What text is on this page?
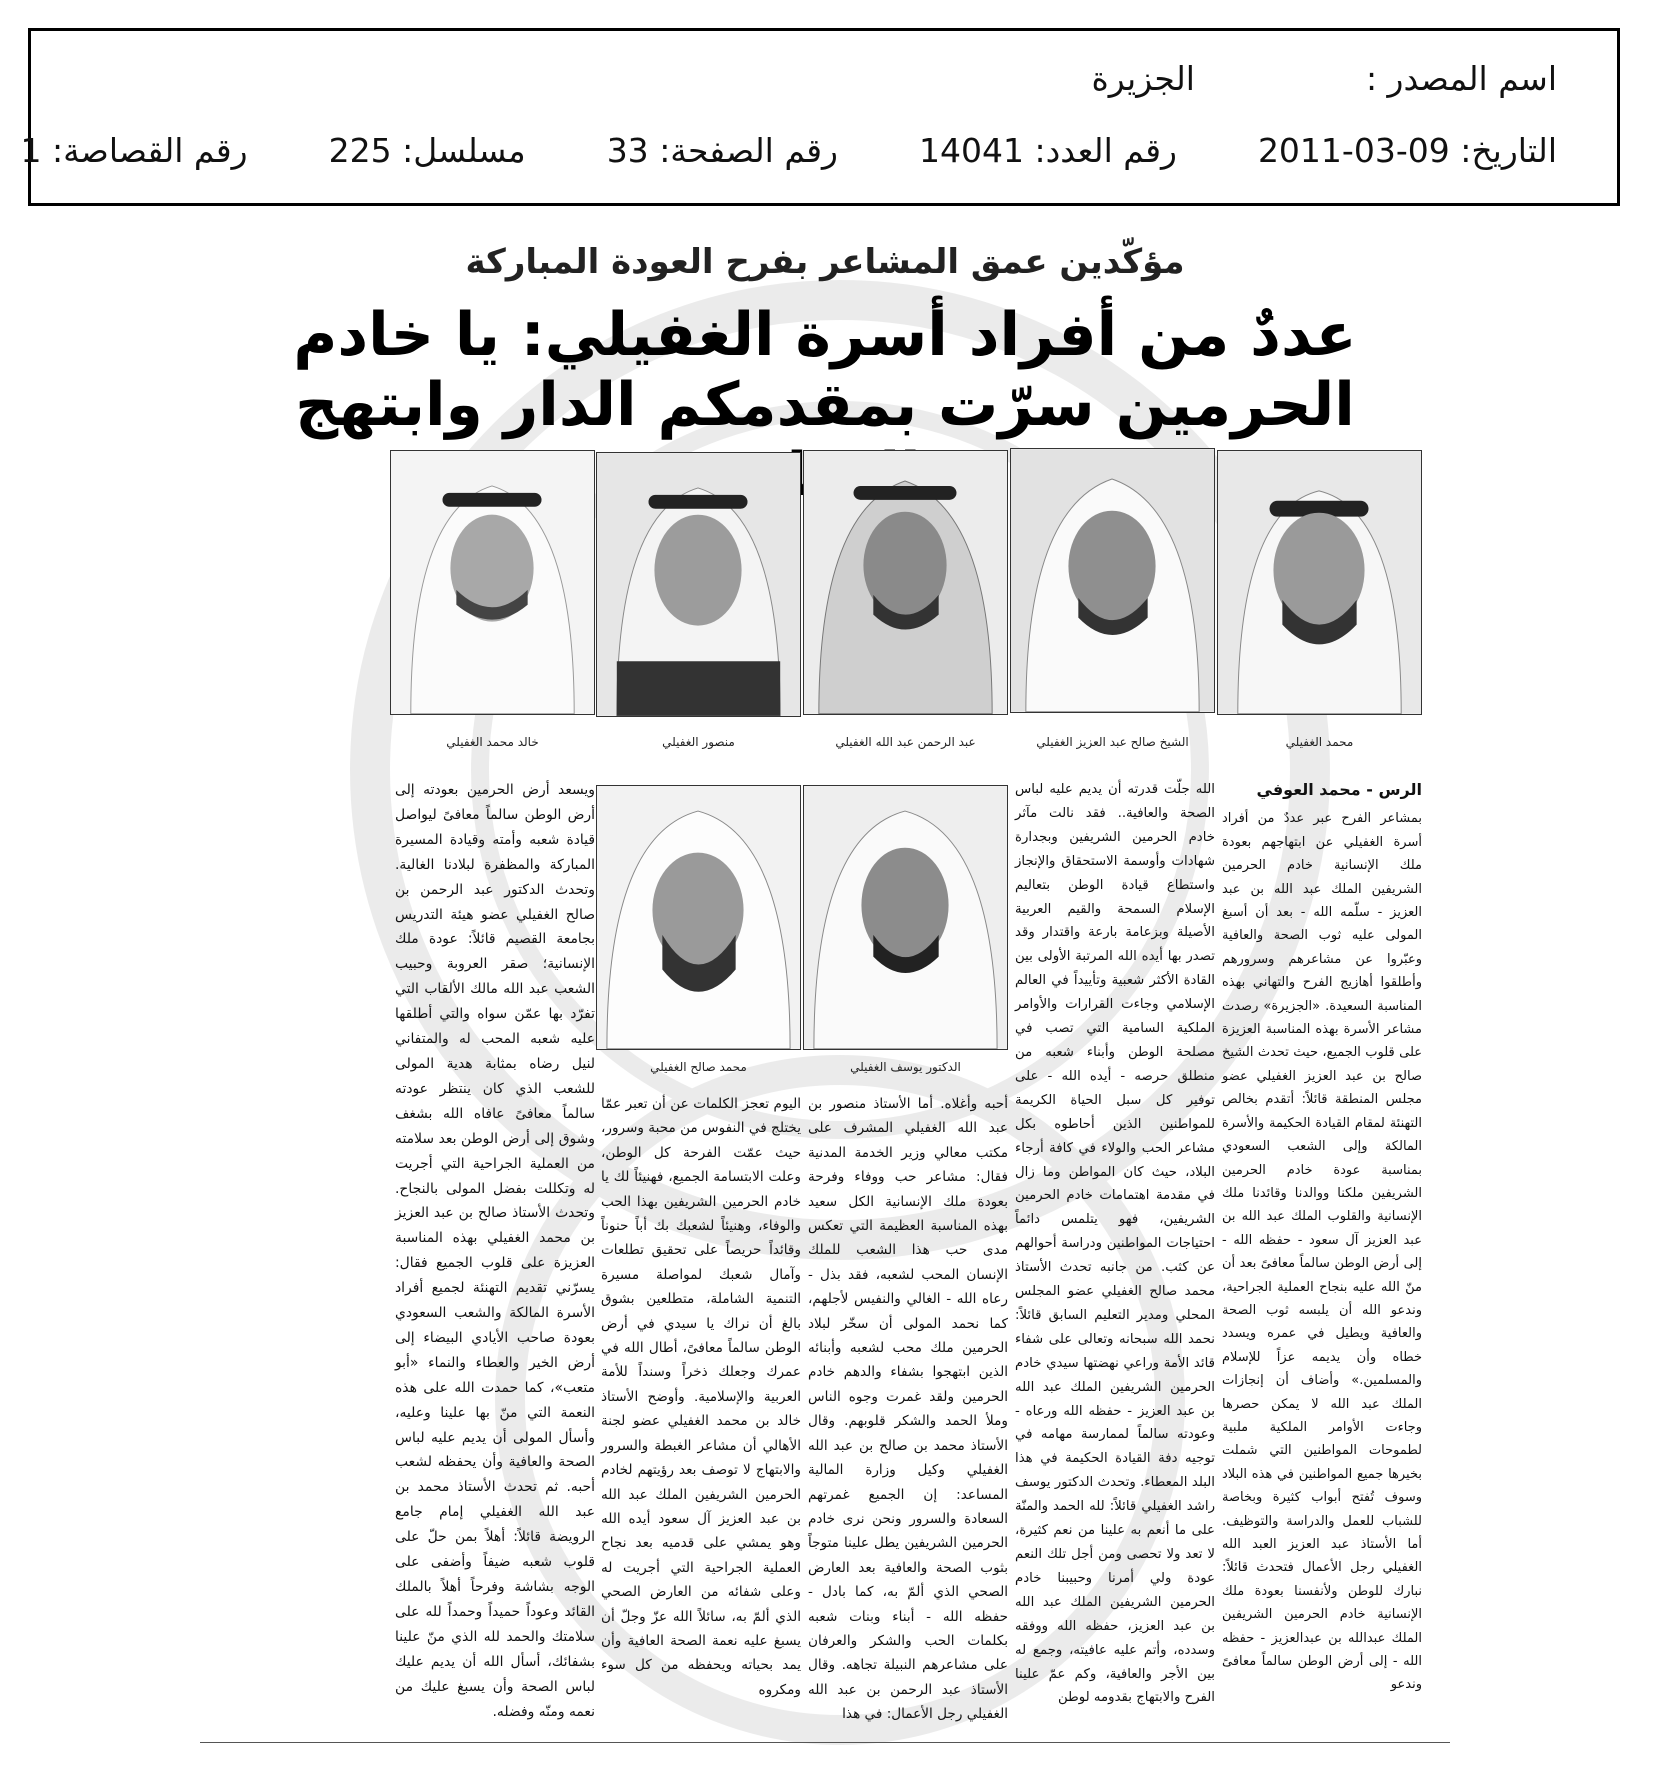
اسم المصدر :  الجزيرة
التاريخ: 2011-03-09  رقم العدد: 14041  رقم الصفحة: 33  مسلسل: 225  رقم القصاصة: 1
مؤكّدين عمق المشاعر بفرح العودة المباركة
عددٌ من أفراد أسرة الغفيلي: يا خادم الحرمين سرّت بمقدمكم الدار وابتهج
محمد الغفيلي
الشيخ صالح عبد العزيز الغفيلي
عبد الرحمن عبد الله الغفيلي
منصور الغفيلي
خالد محمد الغفيلي
الدكتور يوسف الغفيلي
محمد صالح الغفيلي

الرس - محمد العوفي

بمشاعر الفرح عبر عددٌ من أفراد أسرة الغفيلي عن ابتهاجهم بعودة ملك الإنسانية خادم الحرمين الشريفين الملك عبد الله بن عبد العزيز - سلّمه الله - بعد أن أسبغ المولى عليه ثوب الصحة والعافية وعبّروا عن مشاعرهم وسرورهم وأطلقوا أهازيج الفرح والتهاني بهذه المناسبة السعيدة. «الجزيرة» رصدت مشاعر الأسرة بهذه المناسبة العزيزة على قلوب الجميع، حيث تحدث الشيخ صالح بن عبد العزيز الغفيلي عضو مجلس المنطقة قائلاً: أتقدم بخالص التهنئة لمقام القيادة الحكيمة والأسرة المالكة وإلى الشعب السعودي بمناسبة عودة خادم الحرمين الشريفين ملكنا ووالدنا وقائدنا ملك الإنسانية والقلوب الملك عبد الله بن عبد العزيز آل سعود - حفظه الله - إلى أرض الوطن سالماً معافىً بعد أن منّ الله عليه بنجاح العملية الجراحية، وندعو الله أن يلبسه ثوب الصحة والعافية ويطيل في عمره ويسدد خطاه وأن يديمه عزاً للإسلام والمسلمين.» وأضاف أن إنجازات الملك عبد الله لا يمكن حصرها وجاءت الأوامر الملكية ملبية لطموحات المواطنين التي شملت بخيرها جميع المواطنين في هذه البلاد وسوف تُفتح أبواب كثيرة وبخاصة للشباب للعمل والدراسة والتوظيف. أما الأستاذ عبد العزيز العبد الله الغفيلي رجل الأعمال فتحدث قائلاً: نبارك للوطن ولأنفسنا بعودة ملك الإنسانية خادم الحرمين الشريفين الملك عبدالله بن عبدالعزيز - حفظه الله - إلى أرض الوطن سالماً معافىً وندعو

الله جلّت قدرته أن يديم عليه لباس الصحة والعافية.. فقد نالت مآثر خادم الحرمين الشريفين وبجدارة شهادات وأوسمة الاستحقاق والإنجاز واستطاع قيادة الوطن بتعاليم الإسلام السمحة والقيم العربية الأصيلة وبزعامة بارعة واقتدار وقد تصدر بها أيده الله المرتبة الأولى بين القادة الأكثر شعبية وتأييداً في العالم الإسلامي وجاءت القرارات والأوامر الملكية السامية التي تصب في مصلحة الوطن وأبناء شعبه من منطلق حرصه - أيده الله - على توفير كل سبل الحياة الكريمة للمواطنين الذين أحاطوه بكل مشاعر الحب والولاء في كافة أرجاء البلاد، حيث كان المواطن وما زال في مقدمة اهتمامات خادم الحرمين الشريفين، فهو يتلمس دائماً احتياجات المواطنين ودراسة أحوالهم عن كثب. من جانبه تحدث الأستاذ محمد صالح الغفيلي عضو المجلس المحلي ومدير التعليم السابق قائلاً: نحمد الله سبحانه وتعالى على شفاء قائد الأمة وراعي نهضتها سيدي خادم الحرمين الشريفين الملك عبد الله بن عبد العزيز - حفظه الله ورعاه - وعودته سالماً لممارسة مهامه في توجيه دفة القيادة الحكيمة في هذا البلد المعطاء. وتحدث الدكتور يوسف راشد الغفيلي قائلاً: لله الحمد والمنّة على ما أنعم به علينا من نعم كثيرة، لا تعد ولا تحصى ومن أجل تلك النعم عودة ولي أمرنا وحبيبنا خادم الحرمين الشريفين الملك عبد الله بن عبد العزيز، حفظه الله ووفقه وسدده، وأتم عليه عافيته، وجمع له بين الأجر والعافية، وكم عمّ علينا الفرح والابتهاج بقدومه لوطن

أحبه وأغلاه. أما الأستاذ منصور بن عبد الله الغفيلي المشرف على مكتب معالي وزير الخدمة المدنية فقال: مشاعر حب ووفاء وفرحة بعودة ملك الإنسانية الكل سعيد بهذه المناسبة العظيمة التي تعكس مدى حب هذا الشعب للملك الإنسان المحب لشعبه، فقد بذل - رعاه الله - الغالي والنفيس لأجلهم، كما نحمد المولى أن سخّر لبلاد الحرمين ملك محب لشعبه وأبنائه الذين ابتهجوا بشفاء والدهم خادم الحرمين ولقد غمرت وجوه الناس وملأ الحمد والشكر قلوبهم. وقال الأستاذ محمد بن صالح بن عبد الله الغفيلي وكيل وزارة المالية المساعد: إن الجميع غمرتهم السعادة والسرور ونحن نرى خادم الحرمين الشريفين يطل علينا متوجاً بثوب الصحة والعافية بعد العارض الصحي الذي ألمّ به، كما بادل - حفظه الله - أبناء وبنات شعبه بكلمات الحب والشكر والعرفان على مشاعرهم النبيلة تجاهه. وقال الأستاذ عبد الرحمن بن عبد الله الغفيلي رجل الأعمال: في هذا

اليوم تعجز الكلمات عن أن تعبر عمّا يختلج في النفوس من محبة وسرور، حيث عمّت الفرحة كل الوطن، وعلت الابتسامة الجميع، فهنيئاً لك يا خادم الحرمين الشريفين بهذا الحب والوفاء، وهنيئاً لشعبك بك أباً حنوناً وقائداً حريصاً على تحقيق تطلعات وآمال شعبك لمواصلة مسيرة التنمية الشاملة، متطلعين بشوق بالغ أن نراك يا سيدي في أرض الوطن سالماً معافىً، أطال الله في عمرك وجعلك ذخراً وسنداً للأمة العربية والإسلامية. وأوضح الأستاذ خالد بن محمد الغفيلي عضو لجنة الأهالي أن مشاعر الغبطة والسرور والابتهاج لا توصف بعد رؤيتهم لخادم الحرمين الشريفين الملك عبد الله بن عبد العزيز آل سعود أيده الله وهو يمشي على قدميه بعد نجاح العملية الجراحية التي أجريت له وعلى شفائه من العارض الصحي الذي ألمّ به، سائلاً الله عزّ وجلّ أن يسبغ عليه نعمة الصحة العافية وأن يمد بحياته ويحفظه من كل سوء ومكروه

ويسعد أرض الحرمين بعودته إلى أرض الوطن سالماً معافىً ليواصل قيادة شعبه وأمته وقيادة المسيرة المباركة والمظفرة لبلادنا الغالية. وتحدث الدكتور عبد الرحمن بن صالح الغفيلي عضو هيئة التدريس بجامعة القصيم قائلاً: عودة ملك الإنسانية؛ صقر العروبة وحبيب الشعب عبد الله مالك الألقاب التي تفرّد بها عمّن سواه والتي أطلقها عليه شعبه المحب له والمتفاني لنيل رضاه بمثابة هدية المولى للشعب الذي كان ينتظر عودته سالماً معافىً عافاه الله بشغف وشوق إلى أرض الوطن بعد سلامته من العملية الجراحية التي أجريت له وتكللت بفضل المولى بالنجاح. وتحدث الأستاذ صالح بن عبد العزيز بن محمد الغفيلي بهذه المناسبة العزيزة على قلوب الجميع فقال: يسرّني تقديم التهنئة لجميع أفراد الأسرة المالكة والشعب السعودي بعودة صاحب الأيادي البيضاء إلى أرض الخير والعطاء والنماء «أبو متعب»، كما حمدت الله على هذه النعمة التي منّ بها علينا وعليه، وأسأل المولى أن يديم عليه لباس الصحة والعافية وأن يحفظه لشعب أحبه. ثم تحدث الأستاذ محمد بن عبد الله الغفيلي إمام جامع الرويضة قائلاً: أهلاً بمن حلّ على قلوب شعبه ضيفاً وأضفى على الوجه بشاشة وفرحاً أهلاً بالملك القائد وعوداً حميداً وحمداً لله على سلامتك والحمد لله الذي منّ علينا بشفائك، أسأل الله أن يديم عليك لباس الصحة وأن يسبغ عليك من نعمه ومنّه وفضله.
